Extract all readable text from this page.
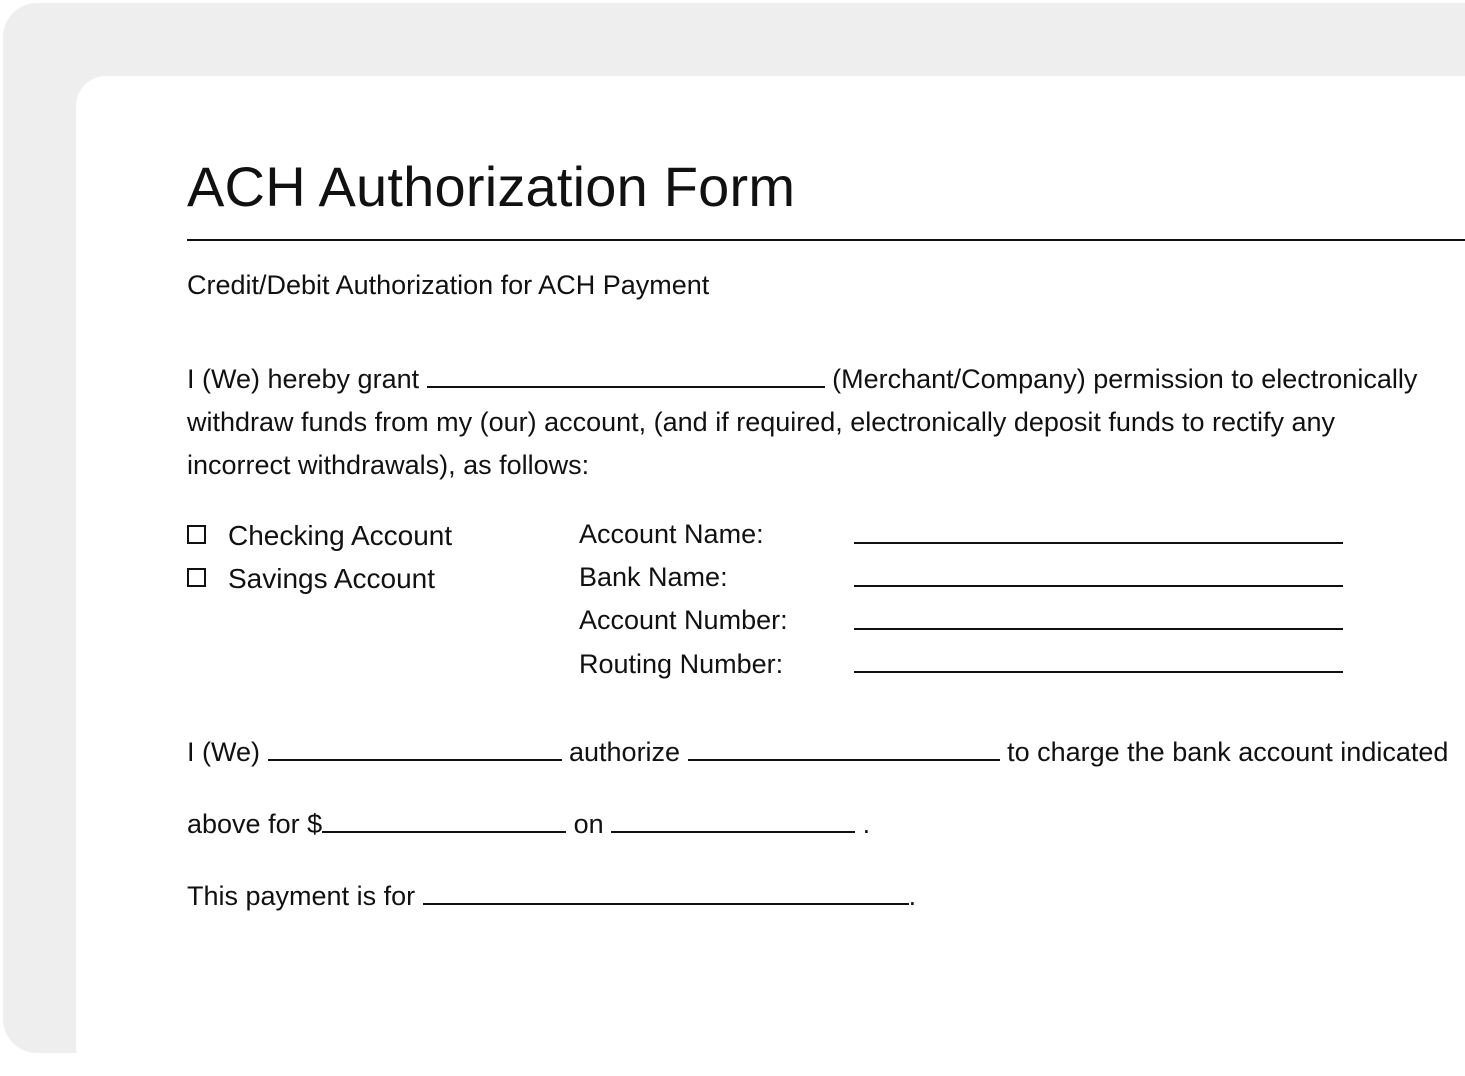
ACH Authorization Form
Credit/Debit Authorization for ACH Payment
I (We) hereby grant	(Merchant/Company) permission to electronically
withdraw funds from my (our) account, (and if required, electronically deposit funds to rectify any
incorrect withdrawals), as follows:
Checking Account
Savings Account
Account Name:
Bank Name:
Account Number:
Routing Number:
I (We)	authorize	to charge the bank account indicated
above for $	on	.
This payment is for	.
